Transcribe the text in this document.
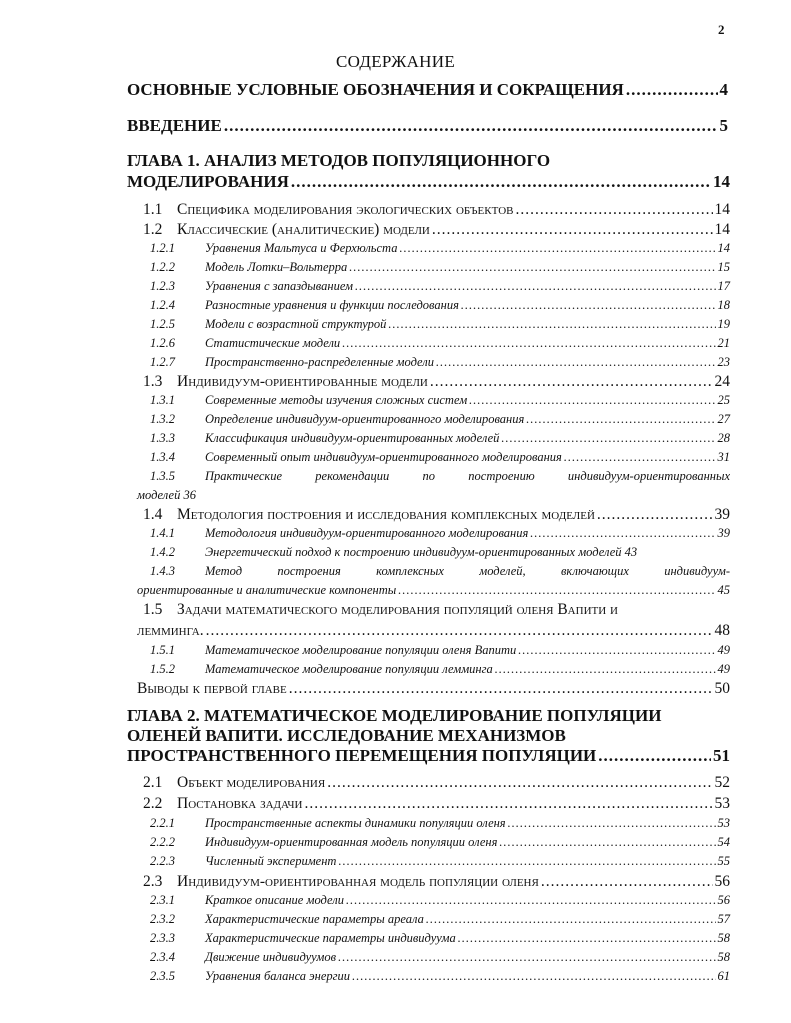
2
СОДЕРЖАНИЕ
ОСНОВНЫЕ УСЛОВНЫЕ ОБОЗНАЧЕНИЯ И СОКРАЩЕНИЯ .....	4
ВВЕДЕНИЕ .....	5
ГЛАВА 1. АНАЛИЗ МЕТОДОВ ПОПУЛЯЦИОННОГО
МОДЕЛИРОВАНИЯ .....	14
1.1 Специфика моделирования экологических объектов .....	14
1.2 Классические (аналитические) модели .....	14
1.2.1	Уравнения Мальтуса и Ферхюльста .....	14
1.2.2	Модель Лотки–Вольтерра .....	15
1.2.3	Уравнения с запаздыванием .....	17
1.2.4	Разностные уравнения и функции последования .....	18
1.2.5	Модели с возрастной структурой .....	19
1.2.6	Статистические модели .....	21
1.2.7	Пространственно-распределенные модели .....	23
1.3 Индивидуум-ориентированные модели .....	24
1.3.1	Современные методы изучения сложных систем .....	25
1.3.2	Определение индивидуум-ориентированного моделирования .....	27
1.3.3	Классификация индивидуум-ориентированных моделей .....	28
1.3.4	Современный опыт индивидуум-ориентированного моделирования .....	31
1.3.5	Практические	рекомендации	по	построению	индивидуум-ориентированных
моделей 36
1.4 Методология построения и исследования комплексных моделей .....	39
1.4.1	Методология индивидуум-ориентированного моделирования .....	39
1.4.2 Энергетический подход к построению индивидуум-ориентированных моделей 43
1.4.3	Метод	построения	комплексных	моделей,	включающих	индивидуум-
ориентированные и аналитические компоненты .....	45
1.5 Задачи математического моделирования популяций оленя Вапити и
лемминга. .....	48
1.5.1	Математическое моделирование популяции оленя Вапити .....	49
1.5.2	Математическое моделирование популяции лемминга .....	49
Выводы к первой главе .....	50
ГЛАВА 2. МАТЕМАТИЧЕСКОЕ МОДЕЛИРОВАНИЕ ПОПУЛЯЦИИ
ОЛЕНЕЙ ВАПИТИ. ИССЛЕДОВАНИЕ МЕХАНИЗМОВ
ПРОСТРАНСТВЕННОГО ПЕРЕМЕЩЕНИЯ ПОПУЛЯЦИИ .....	51
2.1 Объект моделирования .....	52
2.2 Постановка задачи .....	53
2.2.1	Пространственные аспекты динамики популяции оленя .....	53
2.2.2	Индивидуум-ориентированная модель популяции оленя .....	54
2.2.3	Численный эксперимент .....	55
2.3 Индивидуум-ориентированная модель популяции оленя .....	56
2.3.1	Краткое описание модели .....	56
2.3.2	Характеристические параметры ареала .....	57
2.3.3	Характеристические параметры индивидуума .....	58
2.3.4	Движение индивидуумов .....	58
2.3.5	Уравнения баланса энергии .....	61
